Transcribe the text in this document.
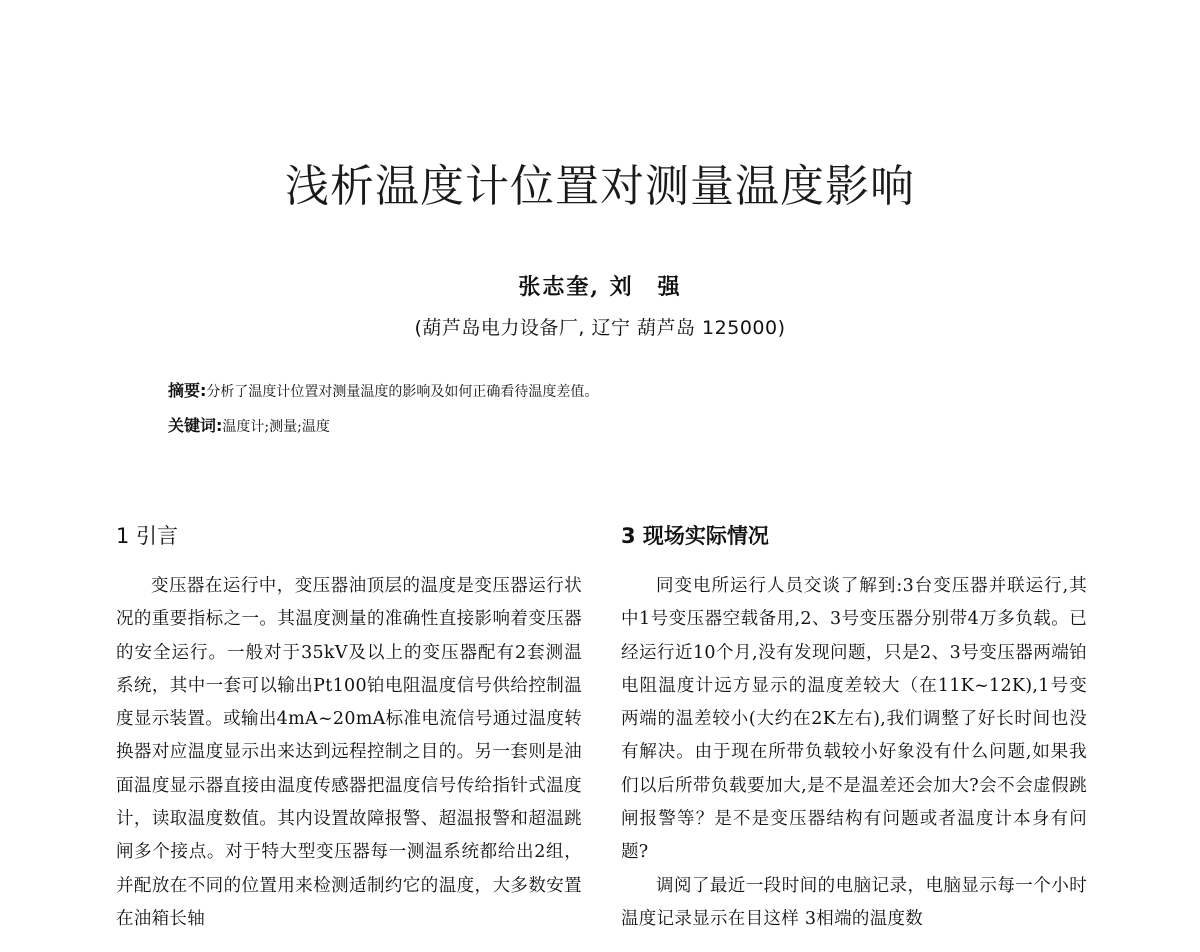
浅析温度计位置对测量温度影响
张志奎, 刘　强
(葫芦岛电力设备厂, 辽宁 葫芦岛 125000)
摘要:分析了温度计位置对测量温度的影响及如何正确看待温度差值。
关键词:温度计;测量;温度
1 引言

变压器在运行中，变压器油顶层的温度是变压器运行状况的重要指标之一。其温度测量的准确性直接影响着变压器的安全运行。一般对于35kV及以上的变压器配有2套测温系统，其中一套可以输出Pt100铂电阻温度信号供给控制温度显示装置。或输出4mA~20mA标准电流信号通过温度转换器对应温度显示出来达到远程控制之目的。另一套则是油面温度显示器直接由温度传感器把温度信号传给指针式温度计，读取温度数值。其内设置故障报警、超温报警和超温跳闸多个接点。对于特大型变压器每一测温系统都给出2组，并配放在不同的位置用来检测适制约它的温度，大多数安置在油箱长轴

3 现场实际情况

同变电所运行人员交谈了解到:3台变压器并联运行,其中1号变压器空载备用,2、3号变压器分别带4万多负载。已经运行近10个月,没有发现问题，只是2、3号变压器两端铂电阻温度计远方显示的温度差较大（在11K~12K),1号变两端的温差较小(大约在2K左右),我们调整了好长时间也没有解决。由于现在所带负载较小好象没有什么问题,如果我们以后所带负载要加大,是不是温差还会加大?会不会虚假跳闸报警等？是不是变压器结构有问题或者温度计本身有问题?

调阅了最近一段时间的电脑记录，电脑显示每一个小时温度记录显示在目这样 3相端的温度数
